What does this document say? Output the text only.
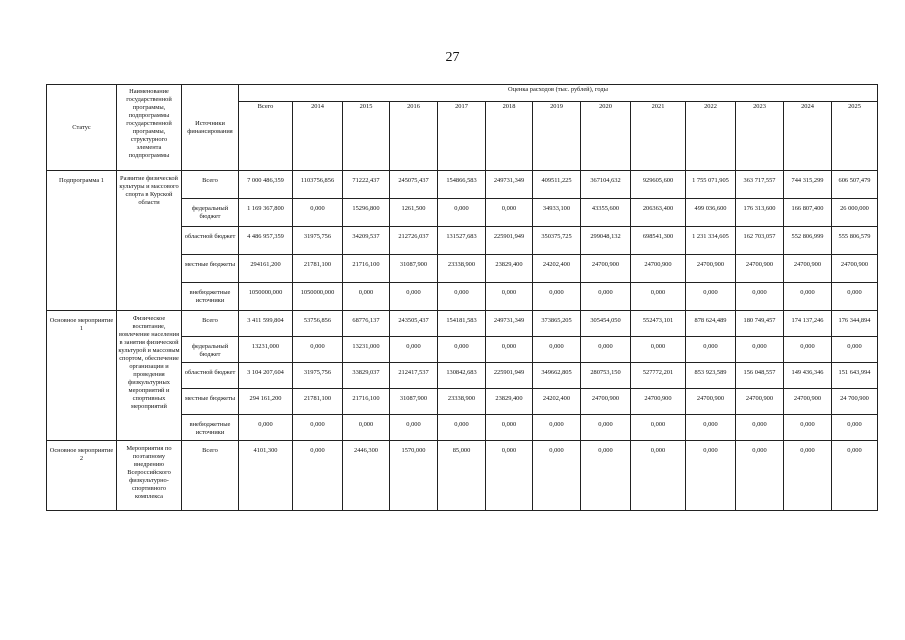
27
Статус	Наименование государственной программы, подпрограммы государственной программы, структурного элемента подпрограммы	Источники финансирования	Оценка расходов (тыс. рублей), годы												
			Всего	2014	2015	2016	2017	2018	2019	2020	2021	2022	2023	2024	2025
Подпрограмма 1	Развитие физической культуры и массового спорта в Курской области	Всего	7 000 486,359	1103756,856	71222,437	245075,437	154866,583	249731,349	409511,225	367104,632	929605,600	1 755 071,905	363 717,557	744 315,299	606 507,479
		федеральный бюджет	1 169 367,800	0,000	15296,800	1261,500	0,000	0,000	34933,100	43355,600	206363,400	499 036,600	176 313,600	166 807,400	26 000,000
		областной бюджет	4 486 957,359	31975,756	34209,537	212726,037	131527,683	225901,949	350375,725	299048,132	698541,300	1 231 334,605	162 703,057	552 806,999	555 806,579
		местные бюджеты	294161,200	21781,100	21716,100	31087,900	23338,900	23829,400	24202,400	24700,900	24700,900	24700,900	24700,900	24700,900	24700,900
		внебюджетные источники	1050000,000	1050000,000	0,000	0,000	0,000	0,000	0,000	0,000	0,000	0,000	0,000	0,000	0,000
Основное мероприятие 1	Физическое воспитание, вовлечение населения в занятия физической культурой и массовым спортом, обеспечение организации и проведения физкультурных мероприятий и спортивных мероприятий	Всего	3 411 599,804	53756,856	68776,137	243505,437	154181,583	249731,349	373865,205	305454,050	552473,101	878 624,489	180 749,457	174 137,246	176 344,894
		федеральный бюджет	13231,000	0,000	13231,000	0,000	0,000	0,000	0,000	0,000	0,000	0,000	0,000	0,000	0,000
		областной бюджет	3 104 207,604	31975,756	33829,037	212417,537	130842,683	225901,949	349662,805	280753,150	527772,201	853 923,589	156 048,557	149 436,346	151 643,994
		местные бюджеты	294 161,200	21781,100	21716,100	31087,900	23338,900	23829,400	24202,400	24700,900	24700,900	24700,900	24700,900	24700,900	24 700,900
		внебюджетные источники	0,000	0,000	0,000	0,000	0,000	0,000	0,000	0,000	0,000	0,000	0,000	0,000	0,000
Основное мероприятие 2	Мероприятия по поэтапному внедрению Всероссийского физкультурно-спортивного комплекса	Всего	4101,300	0,000	2446,300	1570,000	85,000	0,000	0,000	0,000	0,000	0,000	0,000	0,000	0,000
